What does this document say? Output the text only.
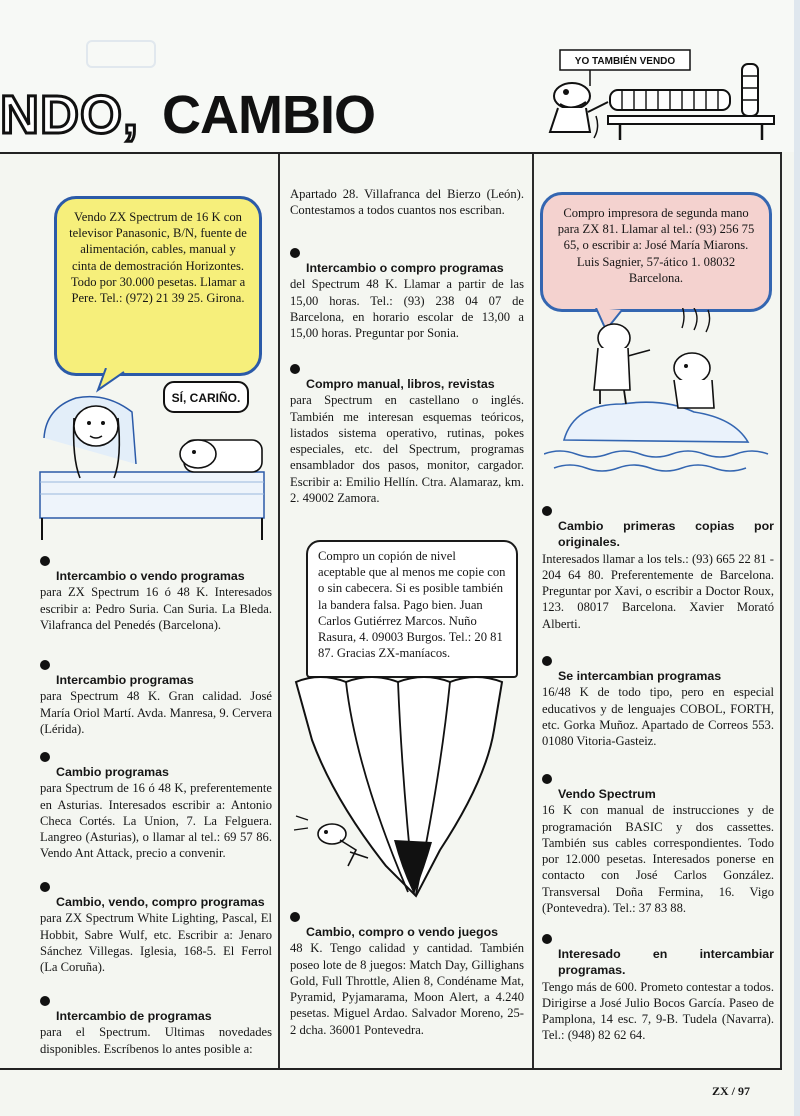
NDO, CAMBIO
YO TAMBIÉN VENDO

Vendo ZX Spectrum de 16 K con televisor Panasonic, B/N, fuente de alimentación, cables, manual y cinta de demostración Horizontes. Todo por 30.000 pesetas. Llamar a Pere. Tel.: (972) 21 39 25. Girona.

SÍ, CARIÑO.

Intercambio o vendo programas

para ZX Spectrum 16 ó 48 K. Interesados escribir a: Pedro Suria. Can Suria. La Bleda. Vilafranca del Penedés (Barcelona).

Intercambio programas

para Spectrum 48 K. Gran calidad. José María Oriol Martí. Avda. Manresa, 9. Cervera (Lérida).

Cambio programas

para Spectrum de 16 ó 48 K, preferentemente en Asturias. Interesados escribir a: Antonio Checa Cortés. La Union, 7. La Felguera. Langreo (Asturias), o llamar al tel.: 69 57 86. Vendo Ant Attack, precio a convenir.

Cambio, vendo, compro programas

para ZX Spectrum White Lighting, Pascal, El Hobbit, Sabre Wulf, etc. Escribir a: Jenaro Sánchez Villegas. Iglesia, 168-5. El Ferrol (La Coruña).

Intercambio de programas

para el Spectrum. Ultimas novedades disponibles. Escríbenos lo antes posible a:

Apartado 28. Villafranca del Bierzo (León). Contestamos a todos cuantos nos escriban.

Intercambio o compro programas

del Spectrum 48 K. Llamar a partir de las 15,00 horas. Tel.: (93) 238 04 07 de Barcelona, en horario escolar de 13,00 a 15,00 horas. Preguntar por Sonia.

Compro manual, libros, revistas

para Spectrum en castellano o inglés. También me interesan esquemas teóricos, listados sistema operativo, rutinas, pokes especiales, etc. del Spectrum, programas ensamblador dos pasos, monitor, cargador. Escribir a: Emilio Hellín. Ctra. Alamaraz, km. 2. 49002 Zamora.

Compro un copión de nivel aceptable que al menos me copie con o sin cabecera. Si es posible también la bandera falsa. Pago bien. Juan Carlos Gutiérrez Marcos. Nuño Rasura, 4. 09003 Burgos. Tel.: 20 81 87. Gracias ZX-maníacos.

Cambio, compro o vendo juegos

48 K. Tengo calidad y cantidad. También poseo lote de 8 juegos: Match Day, Gillighans Gold, Full Throttle, Alien 8, Condéname Mat, Pyramid, Pyjamarama, Moon Alert, a 4.240 pesetas. Miguel Ardao. Salvador Moreno, 25-2 dcha. 36001 Pontevedra.

Compro impresora de segunda mano para ZX 81. Llamar al tel.: (93) 256 75 65, o escribir a: José María Miarons. Luis Sagnier, 57-ático 1. 08032 Barcelona.

Cambio primeras copias por originales.

Interesados llamar a los tels.: (93) 665 22 81 - 204 64 80. Preferentemente de Barcelona. Preguntar por Xavi, o escribir a Doctor Roux, 123. 08017 Barcelona. Xavier Morató Alberti.

Se intercambian programas

16/48 K de todo tipo, pero en especial educativos y de lenguajes COBOL, FORTH, etc. Gorka Muñoz. Apartado de Correos 553. 01080 Vitoria-Gasteiz.

Vendo Spectrum

16 K con manual de instrucciones y de programación BASIC y dos cassettes. También sus cables correspondientes. Todo por 12.000 pesetas. Interesados ponerse en contacto con José Carlos González. Transversal Doña Fermina, 16. Vigo (Pontevedra). Tel.: 37 83 88.

Interesado en intercambiar programas.

Tengo más de 600. Prometo contestar a todos. Dirigirse a José Julio Bocos García. Paseo de Pamplona, 14 esc. 7, 9-B. Tudela (Navarra). Tel.: (948) 82 62 64.

ZX / 97
